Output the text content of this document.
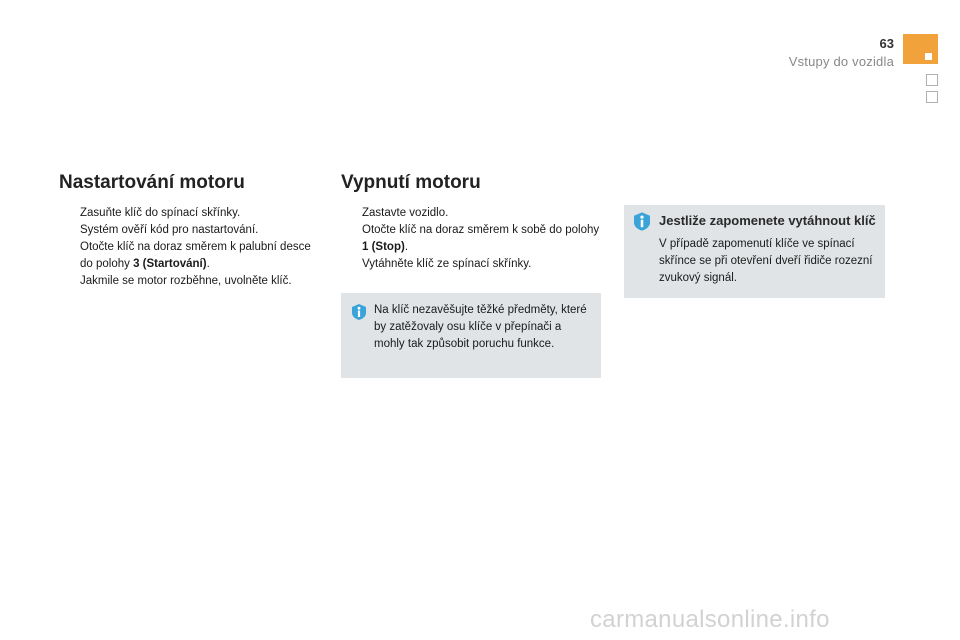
63
Vstupy do vozidla
Nastartování motoru
Zasuňte klíč do spínací skřínky.
Systém ověří kód pro nastartování.
Otočte klíč na doraz směrem k palubní desce do polohy 3 (Startování).
Jakmile se motor rozběhne, uvolněte klíč.
Vypnutí motoru
Zastavte vozidlo.
Otočte klíč na doraz směrem k sobě do polohy 1 (Stop).
Vytáhněte klíč ze spínací skřínky.
Na klíč nezavěšujte těžké předměty, které by zatěžovaly osu klíče v přepínači a mohly tak způsobit poruchu funkce.
Jestliže zapomenete vytáhnout klíč
V případě zapomenutí klíče ve spínací skřínce se při otevření dveří řidiče rozezní zvukový signál.
carmanualsonline.info
